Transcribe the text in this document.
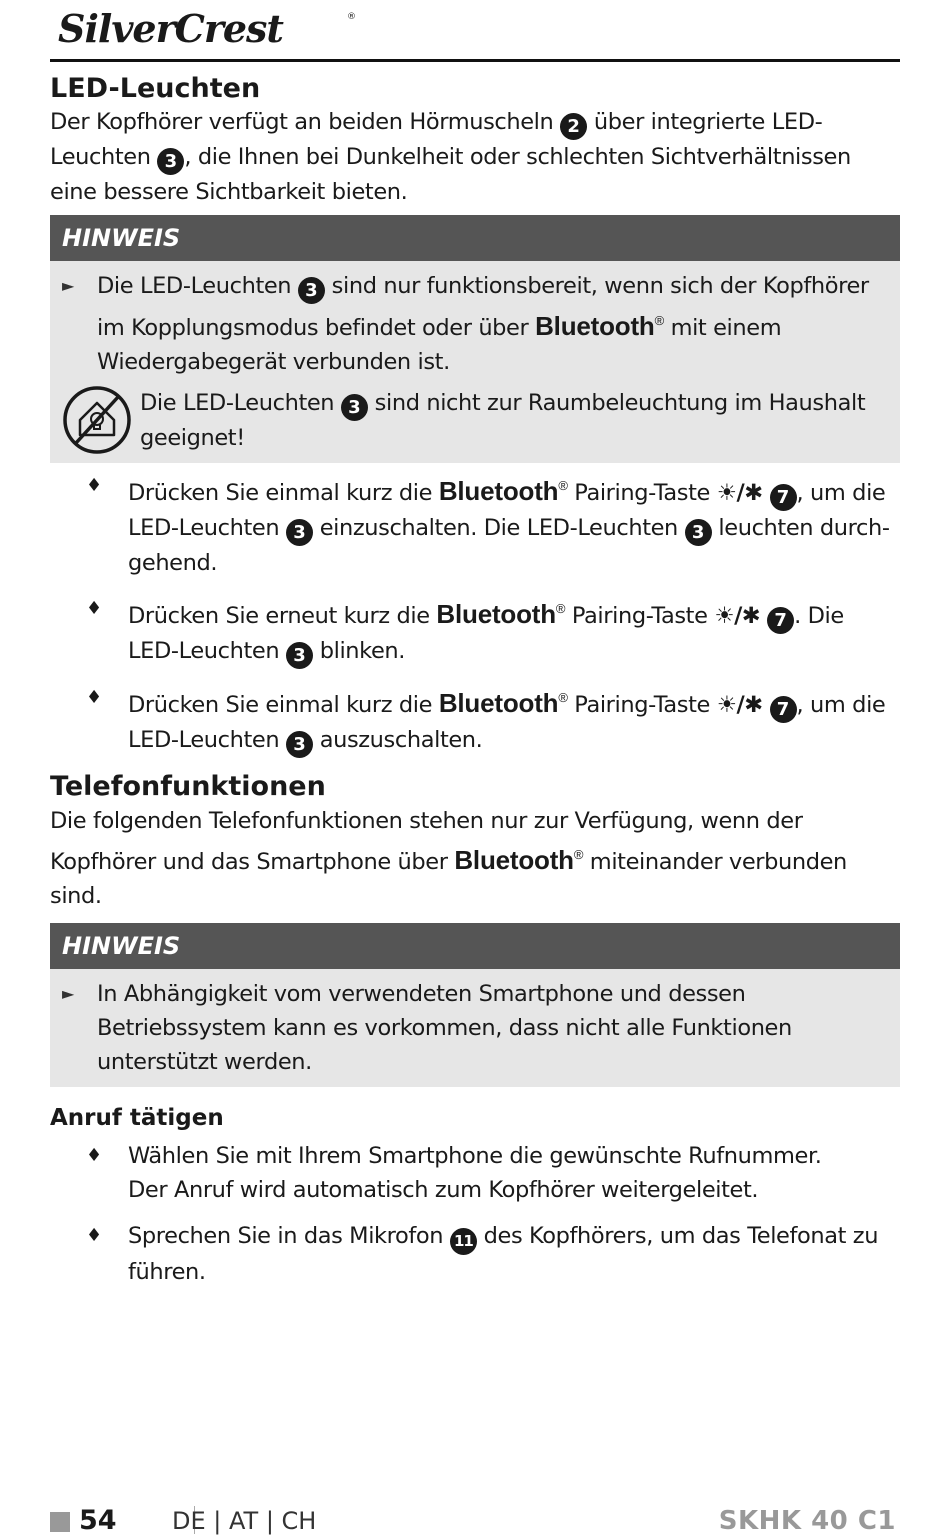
SilverCrest	®
LED-Leuchten
Der Kopfhörer verfügt an beiden Hörmuscheln 2 über integrierte LED-Leuchten 3 , die Ihnen bei Dunkelheit oder schlechten Sichtverhältnissen eine bessere Sichtbarkeit bieten.
HINWEIS
►	Die LED-Leuchten 3 sind nur funktionsbereit, wenn sich der Kopfhörer im Kopplungsmodus befindet oder über Bluetooth® mit einem Wiedergabegerät verbunden ist.
Die LED-Leuchten 3 sind nicht zur Raumbeleuchtung im Haushalt geeignet!
♦	Drücken Sie einmal kurz die Bluetooth® Pairing-Taste ☀/✱ 7 , um die LED-Leuchten 3 einzuschalten. Die LED-Leuchten 3 leuchten durchgehend.
♦	Drücken Sie erneut kurz die Bluetooth® Pairing-Taste ☀/✱ 7 . Die LED-Leuchten 3 blinken.
♦	Drücken Sie einmal kurz die Bluetooth® Pairing-Taste ☀/✱ 7 , um die LED-Leuchten 3 auszuschalten.
Telefonfunktionen
Die folgenden Telefonfunktionen stehen nur zur Verfügung, wenn der Kopfhörer und das Smartphone über Bluetooth® miteinander verbunden sind.
HINWEIS
►	In Abhängigkeit vom verwendeten Smartphone und dessen Betriebssystem kann es vorkommen, dass nicht alle Funktionen unterstützt werden.
Anruf tätigen
♦	Wählen Sie mit Ihrem Smartphone die gewünschte Rufnummer.
Der Anruf wird automatisch zum Kopfhörer weitergeleitet.
♦	Sprechen Sie in das Mikrofon 11 des Kopfhörers, um das Telefonat zu führen.
54 DE | AT | CH	SKHK 40 C1
